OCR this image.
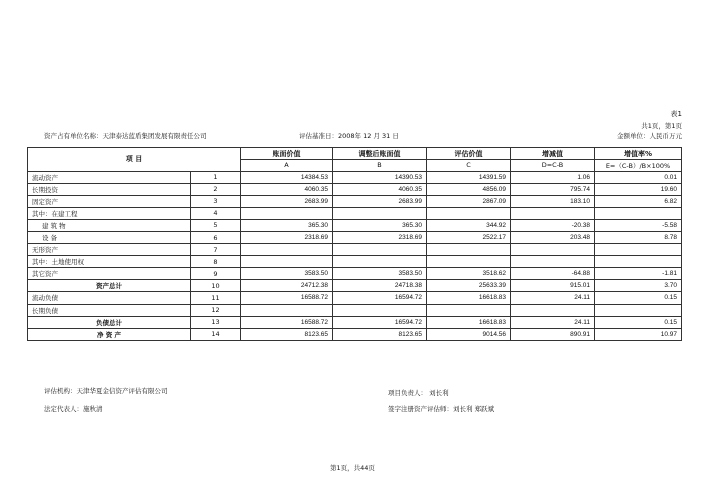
表1
共1页，第1页
资产占有单位名称：天津泰达蓝盾集团发展有限责任公司	评估基准日：2008年 12 月 31 日	金额单位：人民币万元
项 目		账面价值	调整后账面值	评估价值	增减值	增值率%
		A	B	C	D=C-B	E=（C-B）/B×100%
流动资产	1	14384.53	14390.53	14391.59	1.06	0.01
长期投资	2	4060.35	4060.35	4856.09	795.74	19.60
固定资产	3	2683.99	2683.99	2867.09	183.10	6.82
其中：在建工程	4					
建 筑 物	5	365.30	365.30	344.92	-20.38	-5.58
设 备	6	2318.69	2318.69	2522.17	203.48	8.78
无形资产	7					
其中：土地使用权	8					
其它资产	9	3583.50	3583.50	3518.62	-64.88	-1.81
资产总计	10	24712.38	24718.38	25633.39	915.01	3.70
流动负债	11	16588.72	16594.72	16618.83	24.11	0.15
长期负债	12					
负债总计	13	16588.72	16594.72	16618.83	24.11	0.15
净 资 产	14	8123.65	8123.65	9014.56	890.91	10.97
评估机构：天津华夏金信资产评估有限公司	项目负责人： 刘长利
法定代表人：施秋清	签字注册资产评估师：刘长利 郑跃斌
第1页，共44页
